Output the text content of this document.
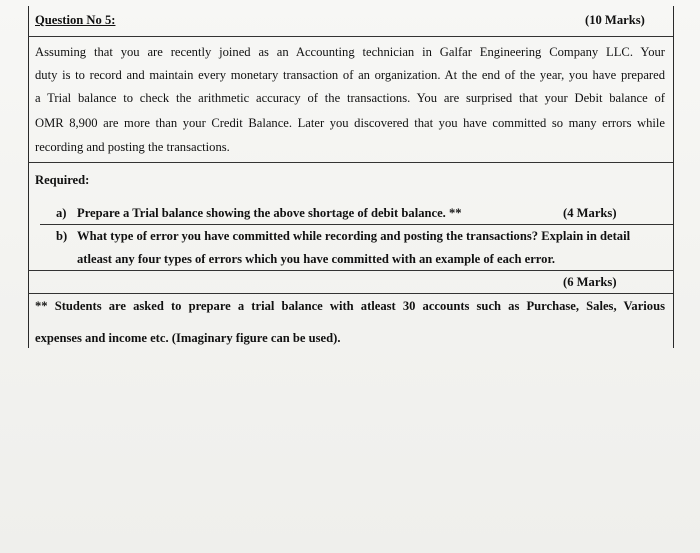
Question No 5:	(10 Marks)
Assuming that you are recently joined as an Accounting technician in Galfar Engineering Company LLC. Your
duty is to record and maintain every monetary transaction of an organization. At the end of the year, you have prepared
a Trial balance to check the arithmetic accuracy of the transactions. You are surprised that your Debit balance of
OMR 8,900 are more than your Credit Balance. Later you discovered that you have committed so many errors while
recording and posting the transactions.
Required:
a) Prepare a Trial balance showing the above shortage of debit balance. **	(4 Marks)
b) What type of error you have committed while recording and posting the transactions? Explain in detail
atleast any four types of errors which you have committed with an example of each error.
(6 Marks)
** Students are asked to prepare a trial balance with atleast 30 accounts such as Purchase, Sales, Various
expenses and income etc. (Imaginary figure can be used).
